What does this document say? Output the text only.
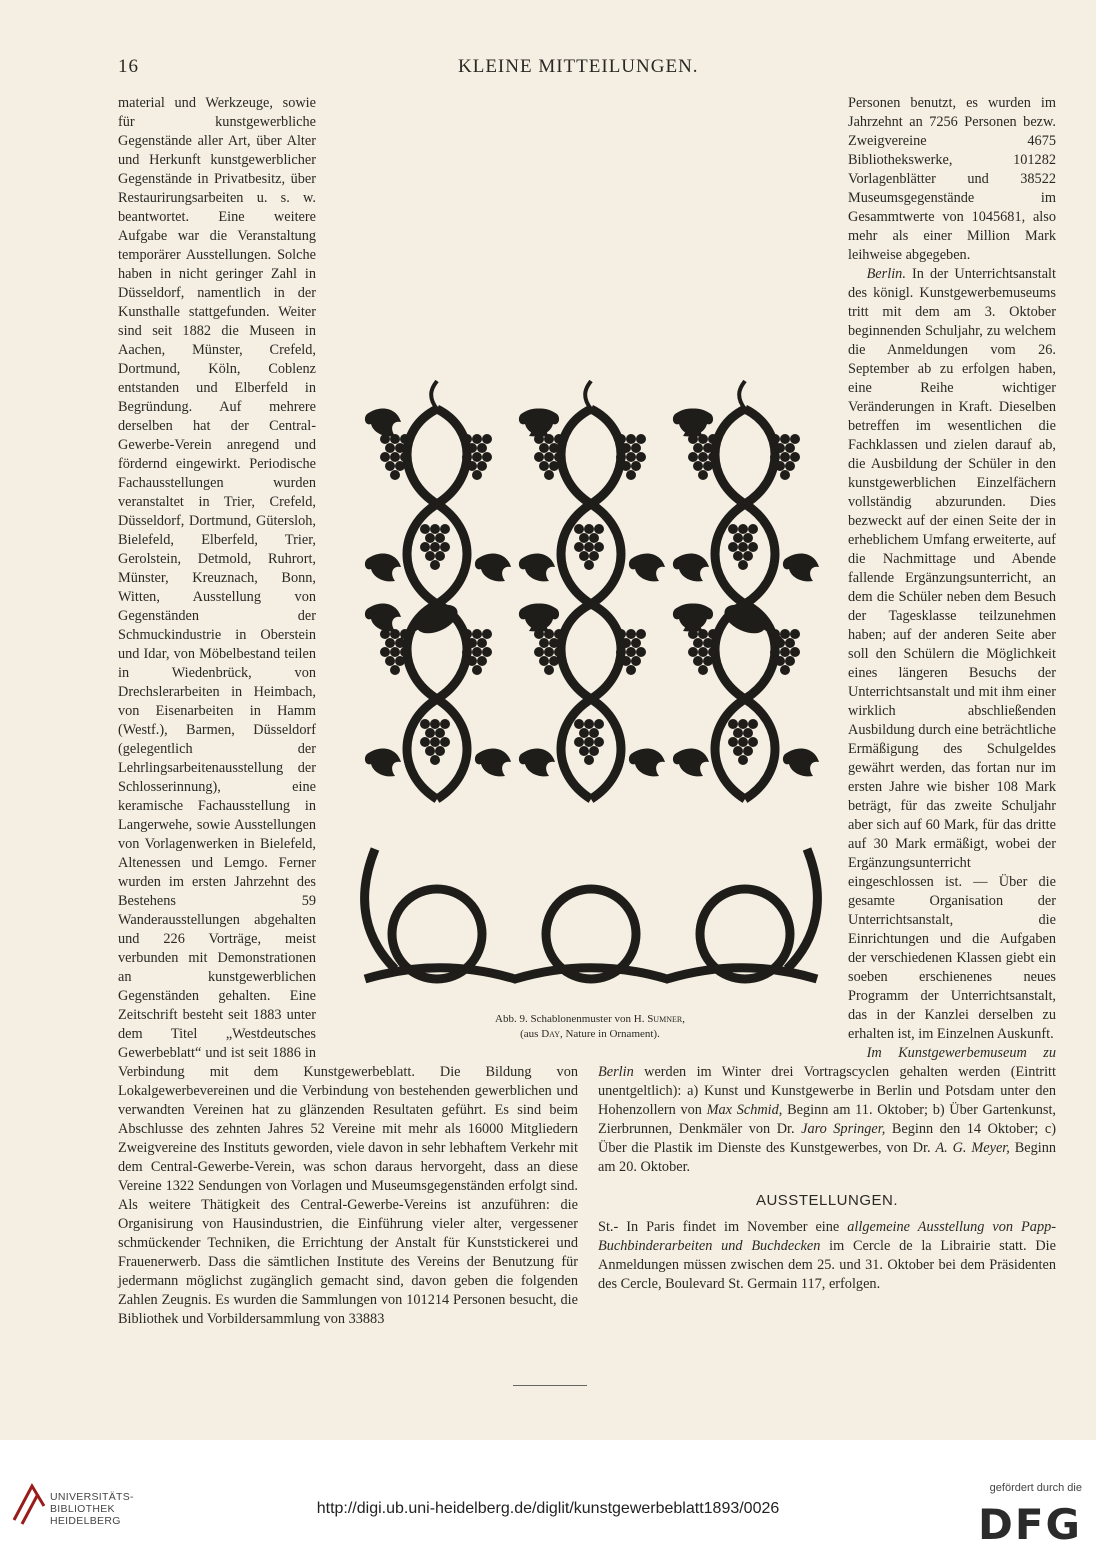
16	KLEINE MITTEILUNGEN.

material und Werkzeuge, sowie für kunstgewerbliche Gegenstände aller Art, über Alter und Herkunft kunstgewerblicher Gegenstände in Privatbesitz, über Restaurirungsarbeiten u. s. w. beantwortet. Eine weitere Aufgabe war die Veranstaltung temporärer Ausstellungen. Solche haben in nicht geringer Zahl in Düsseldorf, namentlich in der Kunsthalle stattgefunden. Weiter sind seit 1882 die Museen in Aachen, Münster, Crefeld, Dortmund, Köln, Coblenz entstanden und Elberfeld in Begründung. Auf mehrere derselben hat der Central-Gewerbe-Verein anregend und fördernd eingewirkt. Periodische Fachausstellungen wurden veranstaltet in Trier, Crefeld, Düsseldorf, Dortmund, Gütersloh, Bielefeld, Elberfeld, Trier, Gerolstein, Detmold, Ruhrort, Münster, Kreuznach, Bonn, Witten, Ausstellung von Gegenständen der Schmuckindustrie in Oberstein und Idar, von Möbelbestand teilen in Wiedenbrück, von Drechslerarbeiten in Heimbach, von Eisenarbeiten in Hamm (Westf.), Barmen, Düsseldorf (gelegentlich der Lehrlingsarbeitenausstellung der Schlosserinnung), eine keramische Fachausstellung in Langerwehe, sowie Ausstellungen von Vorlagenwerken in Bielefeld, Altenessen und Lemgo. Ferner wurden im ersten Jahrzehnt des Bestehens 59 Wanderausstellungen abgehalten und 226 Vorträge, meist verbunden mit Demonstrationen an kunstgewerblichen Gegenständen gehalten. Eine Zeitschrift besteht seit 1883 unter dem Titel „Westdeutsches Gewerbeblatt“ und ist seit 1886 in Verbindung mit dem Kunstgewerbeblatt. Die Bildung von Lokalgewerbevereinen und die Verbindung von bestehenden gewerblichen und verwandten Vereinen hat zu glänzenden Resultaten geführt. Es sind beim Abschlusse des zehnten Jahres 52 Vereine mit mehr als 16000 Mitgliedern Zweigvereine des Instituts geworden, viele davon in sehr lebhaftem Verkehr mit dem Central-Gewerbe-Verein, was schon daraus hervorgeht, dass an diese Vereine 1322 Sendungen von Vorlagen und Museumsgegenständen erfolgt sind. Als weitere Thätigkeit des Central-Gewerbe-Vereins ist anzuführen: die Organisirung von Hausindustrien, die Einführung vieler alter, vergessener schmückender Techniken, die Errichtung der Anstalt für Kunststickerei und Frauenerwerb. Dass die sämtlichen Institute des Vereins der Benutzung für jedermann möglichst zugänglich gemacht sind, davon geben die folgenden Zahlen Zeugnis. Es wurden die Sammlungen von 101214 Personen besucht, die Bibliothek und Vorbildersammlung von 33883

Personen benutzt, es wurden im Jahrzehnt an 7256 Personen bezw. Zweigvereine 4675 Bibliothekswerke, 101282 Vorlagenblätter und 38522 Museumsgegenstände im Gesammtwerte von 1045681, also mehr als einer Million Mark leihweise abgegeben.

Berlin. In der Unterrichtsanstalt des königl. Kunstgewerbemuseums tritt mit dem am 3. Oktober beginnenden Schuljahr, zu welchem die Anmeldungen vom 26. September ab zu erfolgen haben, eine Reihe wichtiger Veränderungen in Kraft. Dieselben betreffen im wesentlichen die Fachklassen und zielen darauf ab, die Ausbildung der Schüler in den kunstgewerblichen Einzelfächern vollständig abzurunden. Dies bezweckt auf der einen Seite der in erheblichem Umfang erweiterte, auf die Nachmittage und Abende fallende Ergänzungsunterricht, an dem die Schüler neben dem Besuch der Tagesklasse teilzunehmen haben; auf der anderen Seite aber soll den Schülern die Möglichkeit eines längeren Besuchs der Unterrichtsanstalt und mit ihm einer wirklich abschließenden Ausbildung durch eine beträchtliche Ermäßigung des Schulgeldes gewährt werden, das fortan nur im ersten Jahre wie bisher 108 Mark beträgt, für das zweite Schuljahr aber sich auf 60 Mark, für das dritte auf 30 Mark ermäßigt, wobei der Ergänzungsunterricht eingeschlossen ist. — Über die gesamte Organisation der Unterrichtsanstalt, die Einrichtungen und die Aufgaben der verschiedenen Klassen giebt ein soeben erschienenes neues Programm der Unterrichtsanstalt, das in der Kanzlei derselben zu erhalten ist, im Einzelnen Auskunft.

Im Kunstgewerbemuseum zu Berlin werden im Winter drei Vortragscyclen gehalten werden (Eintritt unentgeltlich): a) Kunst und Kunstgewerbe in Berlin und Potsdam unter den Hohenzollern von Max Schmid, Beginn am 11. Oktober; b) Über Gartenkunst, Zierbrunnen, Denkmäler von Dr. Jaro Springer, Beginn den 14 Oktober; c) Über die Plastik im Dienste des Kunstgewerbes, von Dr. A. G. Meyer, Beginn am 20. Oktober.

AUSSTELLUNGEN.

St.- In Paris findet im November eine allgemeine Ausstellung von Papp-Buchbinderarbeiten und Buchdecken im Cercle de la Librairie statt. Die Anmeldungen müssen zwischen dem 25. und 31. Oktober bei dem Präsidenten des Cercle, Boulevard St. Germain 117, erfolgen.

Abb. 9. Schablonenmuster von H. Sumner,
(aus Day, Nature in Ornament).
UNIVERSITÄTS-
BIBLIOTHEK
HEIDELBERG
http://digi.ub.uni-heidelberg.de/diglit/kunstgewerbeblatt1893/0026
gefördert durch die
DFG
